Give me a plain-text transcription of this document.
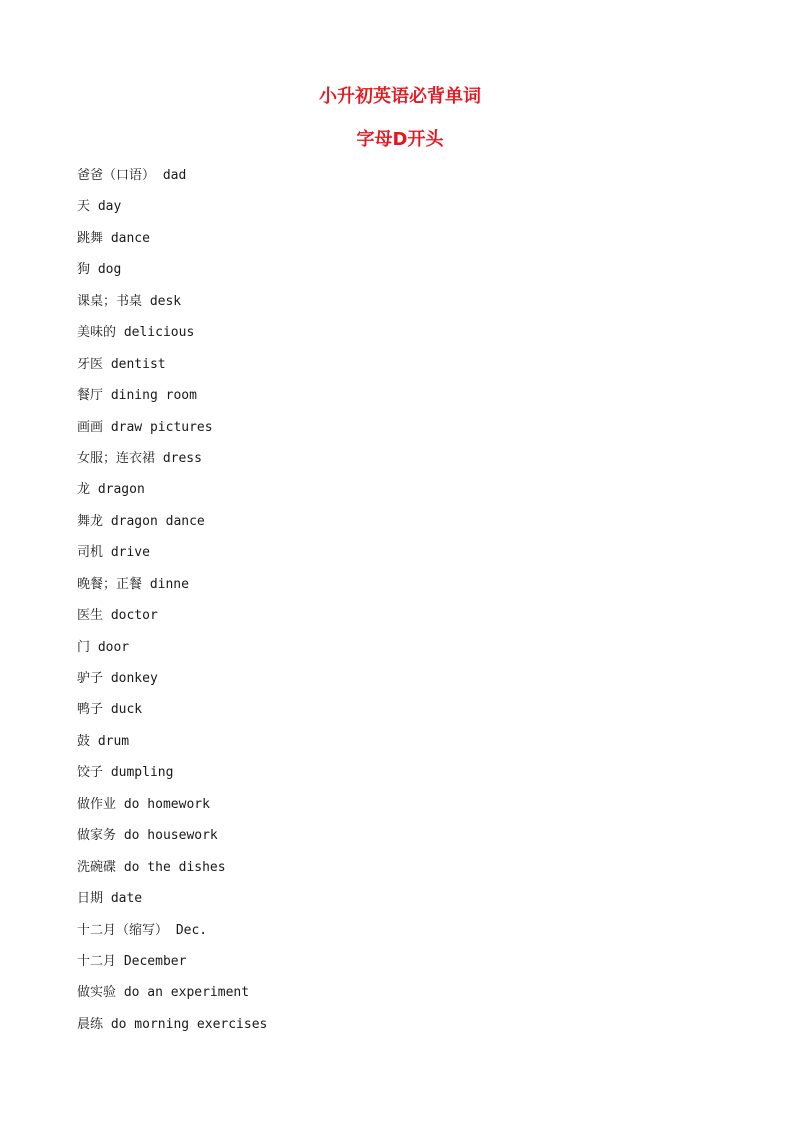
小升初英语必背单词
字母D开头
爸爸（口语） dad
天 day
跳舞 dance
狗 dog
课桌；书桌 desk
美味的 delicious
牙医 dentist
餐厅 dining room
画画 draw pictures
女服；连衣裙 dress
龙 dragon
舞龙 dragon dance
司机 drive
晚餐；正餐 dinne
医生 doctor
门 door
驴子 donkey
鸭子 duck
鼓 drum
饺子 dumpling
做作业 do homework
做家务 do housework
洗碗碟 do the dishes
日期 date
十二月（缩写） Dec.
十二月 December
做实验 do an experiment
晨练 do morning exercises
